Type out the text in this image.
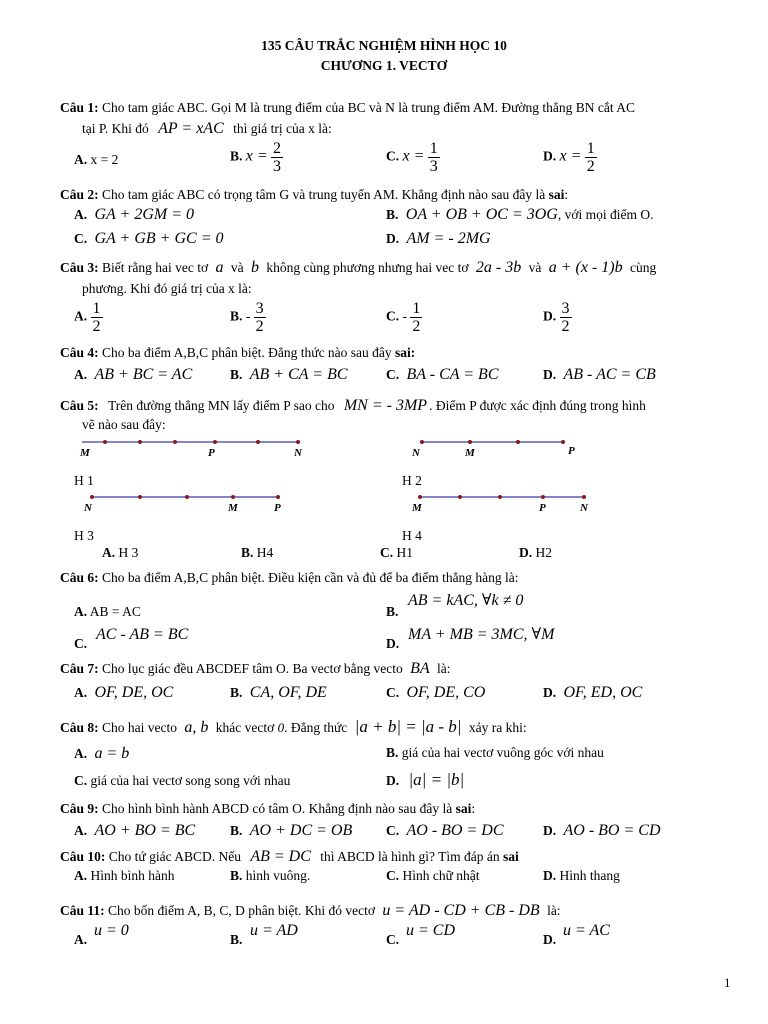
135 CÂU TRẮC NGHIỆM HÌNH HỌC 10
CHƯƠNG 1. VECTƠ
Câu 1: Cho tam giác ABC. Gọi M là trung điểm của BC và N là trung điểm AM. Đường thẳng BN cắt AC
tại P. Khi đó AP = xAC thì giá trị của x là:
A. x = 2	B. $x = \frac{2}{3}$	C. $x = \frac{1}{3}$	D. $x = \frac{1}{2}$
Câu 2: Cho tam giác ABC có trọng tâm G và trung tuyến AM. Khẳng định nào sau đây là sai:
A. GA + 2GM = 0	B. OA + OB + OC = 3OG, với mọi điểm O.
C. GA + GB + GC = 0	D. AM = - 2MG
Câu 3: Biết rằng hai vec tơ a và b không cùng phương nhưng hai vec tơ 2a - 3b và a + (x - 1)b cùng
phương. Khi đó giá trị của x là:
A. $\frac{1}{2}$	B. - $\frac{3}{2}$	C. - $\frac{1}{2}$	D. $\frac{3}{2}$
Câu 4: Cho ba điểm A,B,C phân biệt. Đẳng thức nào sau đây sai:
A. AB + BC = AC	B. AB + CA = BC	C. BA - CA = BC	D. AB - AC = CB
Câu 5: Trên đường thẳng MN lấy điểm P sao cho MN = - 3MP . Điểm P được xác định đúng trong hình
vẽ nào sau đây:
M	P	N
H 1
N	M	P
H 2
N	M	P
H 3
M	P	N
H 4
A. H 3	B. H4	C. H1	D. H2
Câu 6: Cho ba điểm A,B,C phân biệt. Điều kiện cần và đủ để ba điểm thẳng hàng là:
A. AB = AC	B.
AB = kAC, ∀k ≠ 0
C.
AC - AB = BC
D.
MA + MB = 3MC, ∀M
Câu 7: Cho lục giác đều ABCDEF tâm O. Ba vectơ bằng vecto BA là:
A. OF, DE, OC	B. CA, OF, DE	C. OF, DE, CO	D. OF, ED, OC
Câu 8: Cho hai vecto a, b khác vectơ 0. Đẳng thức |a + b| = |a - b| xảy ra khi:
A. a = b	B. giá của hai vectơ vuông góc với nhau
C. giá của hai vectơ song song với nhau	D. |a| = |b|
Câu 9: Cho hình bình hành ABCD có tâm O. Khẳng định nào sau đây là sai:
A. AO + BO = BC	B. AO + DC = OB	C. AO - BO = DC	D. AO - BO = CD
Câu 10: Cho tứ giác ABCD. Nếu AB = DC thì ABCD là hình gì? Tìm đáp án sai
A. Hình bình hành	B. hình vuông.	C. Hình chữ nhật	D. Hình thang
Câu 11: Cho bốn điểm A, B, C, D phân biệt. Khi đó vectơ u = AD - CD + CB - DB là:
A.
u = 0
B.
u = AD
C.
u = CD
D.
u = AC
1
